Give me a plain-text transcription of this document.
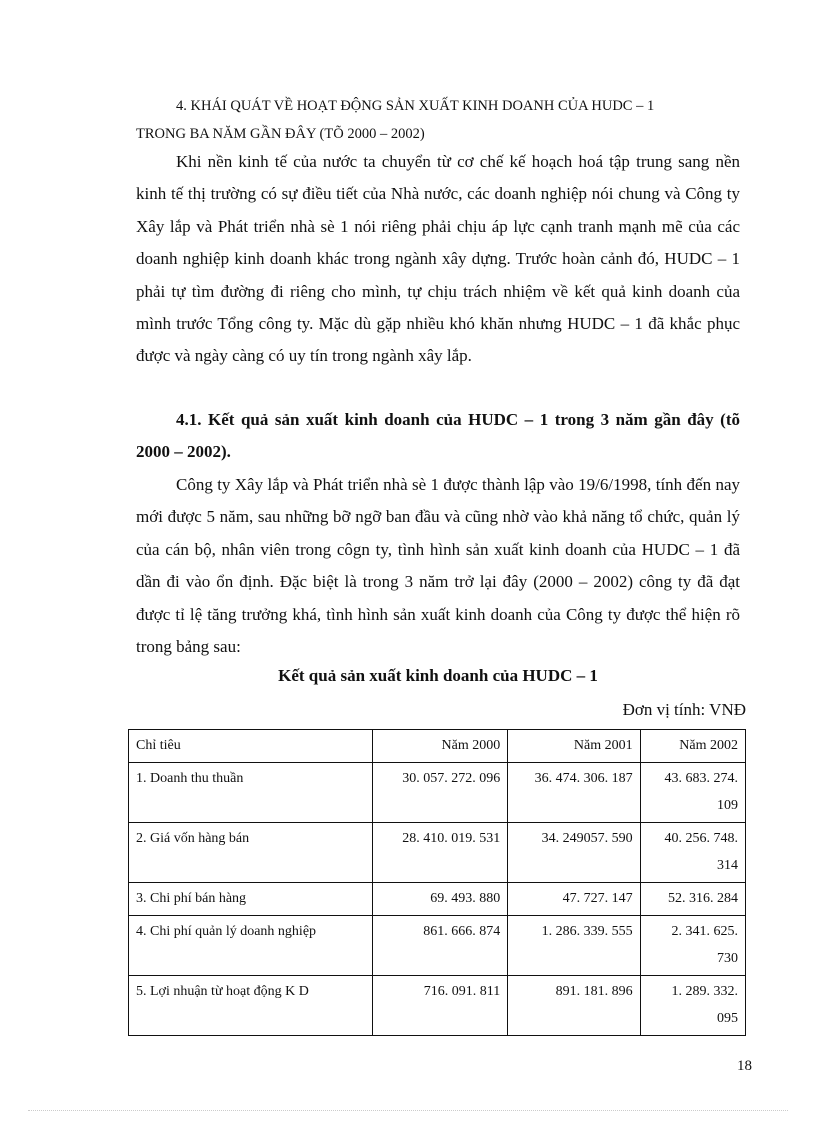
4. KHÁI QUÁT VỀ HOẠT ĐỘNG SẢN XUẤT KINH DOANH CỦA HUDC – 1
TRONG BA NĂM GẦN ĐÂY (TÕ 2000 – 2002)

Khi nền kinh tế của nước ta chuyển từ cơ chế kế hoạch hoá tập trung sang nền kinh tế thị trường có sự điều tiết của Nhà nước, các doanh nghiệp nói chung và Công ty Xây lắp và Phát triển nhà sè 1 nói riêng phải chịu áp lực cạnh tranh mạnh mẽ của các doanh nghiệp kinh doanh khác trong ngành xây dựng. Trước hoàn cảnh đó, HUDC – 1 phải tự tìm đường đi riêng cho mình, tự chịu trách nhiệm về kết quả kinh doanh của mình trước Tổng công ty. Mặc dù gặp nhiều khó khăn nhưng HUDC – 1 đã khắc phục được và ngày càng có uy tín trong ngành xây lắp.

4.1. Kết quả sản xuất kinh doanh của HUDC – 1 trong 3 năm gần đây (tõ 2000 – 2002).

Công ty Xây lắp và Phát triển nhà sè 1 được thành lập vào 19/6/1998, tính đến nay mới được 5 năm, sau những bỡ ngỡ ban đầu và cũng nhờ vào khả năng tổ chức, quản lý của cán bộ, nhân viên trong côgn ty, tình hình sản xuất kinh doanh của HUDC – 1 đã dần đi vào ổn định. Đặc biệt là trong 3 năm trở lại đây (2000 – 2002) công ty đã đạt được tỉ lệ tăng trưởng khá, tình hình sản xuất kinh doanh của Công ty được thể hiện rõ trong bảng sau:

Kết quả sản xuất kinh doanh của HUDC – 1
Đơn vị tính: VNĐ
Chỉ tiêu	Năm 2000	Năm 2001	Năm 2002
1. Doanh thu thuần	30. 057. 272. 096	36. 474. 306. 187	43. 683. 274. 109
2. Giá vốn hàng bán	28. 410. 019. 531	34. 249057. 590	40. 256. 748. 314
3. Chi phí bán hàng	69. 493. 880	47. 727. 147	52. 316. 284
4. Chi phí quản lý doanh nghiệp	861. 666. 874	1. 286. 339. 555	2. 341. 625. 730
5. Lợi nhuận từ hoạt động K D	716. 091. 811	891. 181. 896	1. 289. 332. 095
18
